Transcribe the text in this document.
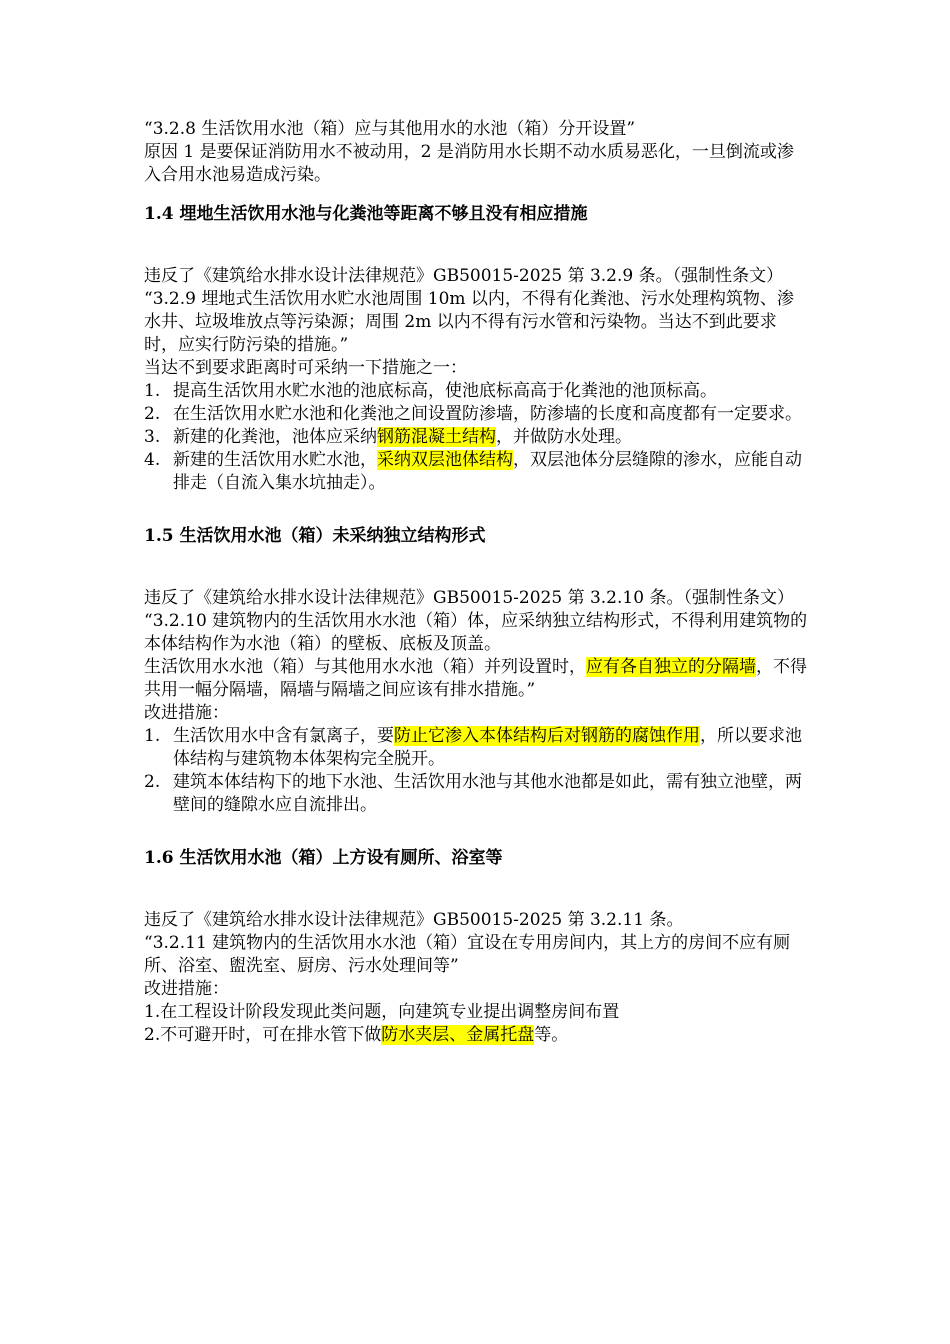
“3.2.8 生活饮用水池（箱）应与其他用水的水池（箱）分开设置”

原因 1 是要保证消防用水不被动用，2 是消防用水长期不动水质易恶化，一旦倒流或渗入合用水池易造成污染。

1.4 埋地生活饮用水池与化粪池等距离不够且没有相应措施

违反了《建筑给水排水设计法律规范》GB50015-2025 第 3.2.9 条。（强制性条文）

“3.2.9 埋地式生活饮用水贮水池周围 10m 以内，不得有化粪池、污水处理构筑物、渗水井、垃圾堆放点等污染源；周围 2m 以内不得有污水管和污染物。当达不到此要求时，应实行防污染的措施。”

当达不到要求距离时可采纳一下措施之一：

1. 提高生活饮用水贮水池的池底标高，使池底标高高于化粪池的池顶标高。
2. 在生活饮用水贮水池和化粪池之间设置防渗墙，防渗墙的长度和高度都有一定要求。
3. 新建的化粪池，池体应采纳钢筋混凝土结构，并做防水处理。
4. 新建的生活饮用水贮水池，采纳双层池体结构，双层池体分层缝隙的渗水，应能自动排走（自流入集水坑抽走）。

1.5 生活饮用水池（箱）未采纳独立结构形式

违反了《建筑给水排水设计法律规范》GB50015-2025 第 3.2.10 条。（强制性条文）

“3.2.10 建筑物内的生活饮用水水池（箱）体，应采纳独立结构形式，不得利用建筑物的本体结构作为水池（箱）的壁板、底板及顶盖。

生活饮用水水池（箱）与其他用水水池（箱）并列设置时，应有各自独立的分隔墙，不得共用一幅分隔墙，隔墙与隔墙之间应该有排水措施。”

改进措施：

1. 生活饮用水中含有氯离子，要防止它渗入本体结构后对钢筋的腐蚀作用，所以要求池体结构与建筑物本体架构完全脱开。
2. 建筑本体结构下的地下水池、生活饮用水池与其他水池都是如此，需有独立池壁，两壁间的缝隙水应自流排出。

1.6 生活饮用水池（箱）上方设有厕所、浴室等

违反了《建筑给水排水设计法律规范》GB50015-2025 第 3.2.11 条。

“3.2.11 建筑物内的生活饮用水水池（箱）宜设在专用房间内，其上方的房间不应有厕所、浴室、盥洗室、厨房、污水处理间等”

改进措施：

1.在工程设计阶段发现此类问题，向建筑专业提出调整房间布置

2.不可避开时，可在排水管下做防水夹层、金属托盘等。
